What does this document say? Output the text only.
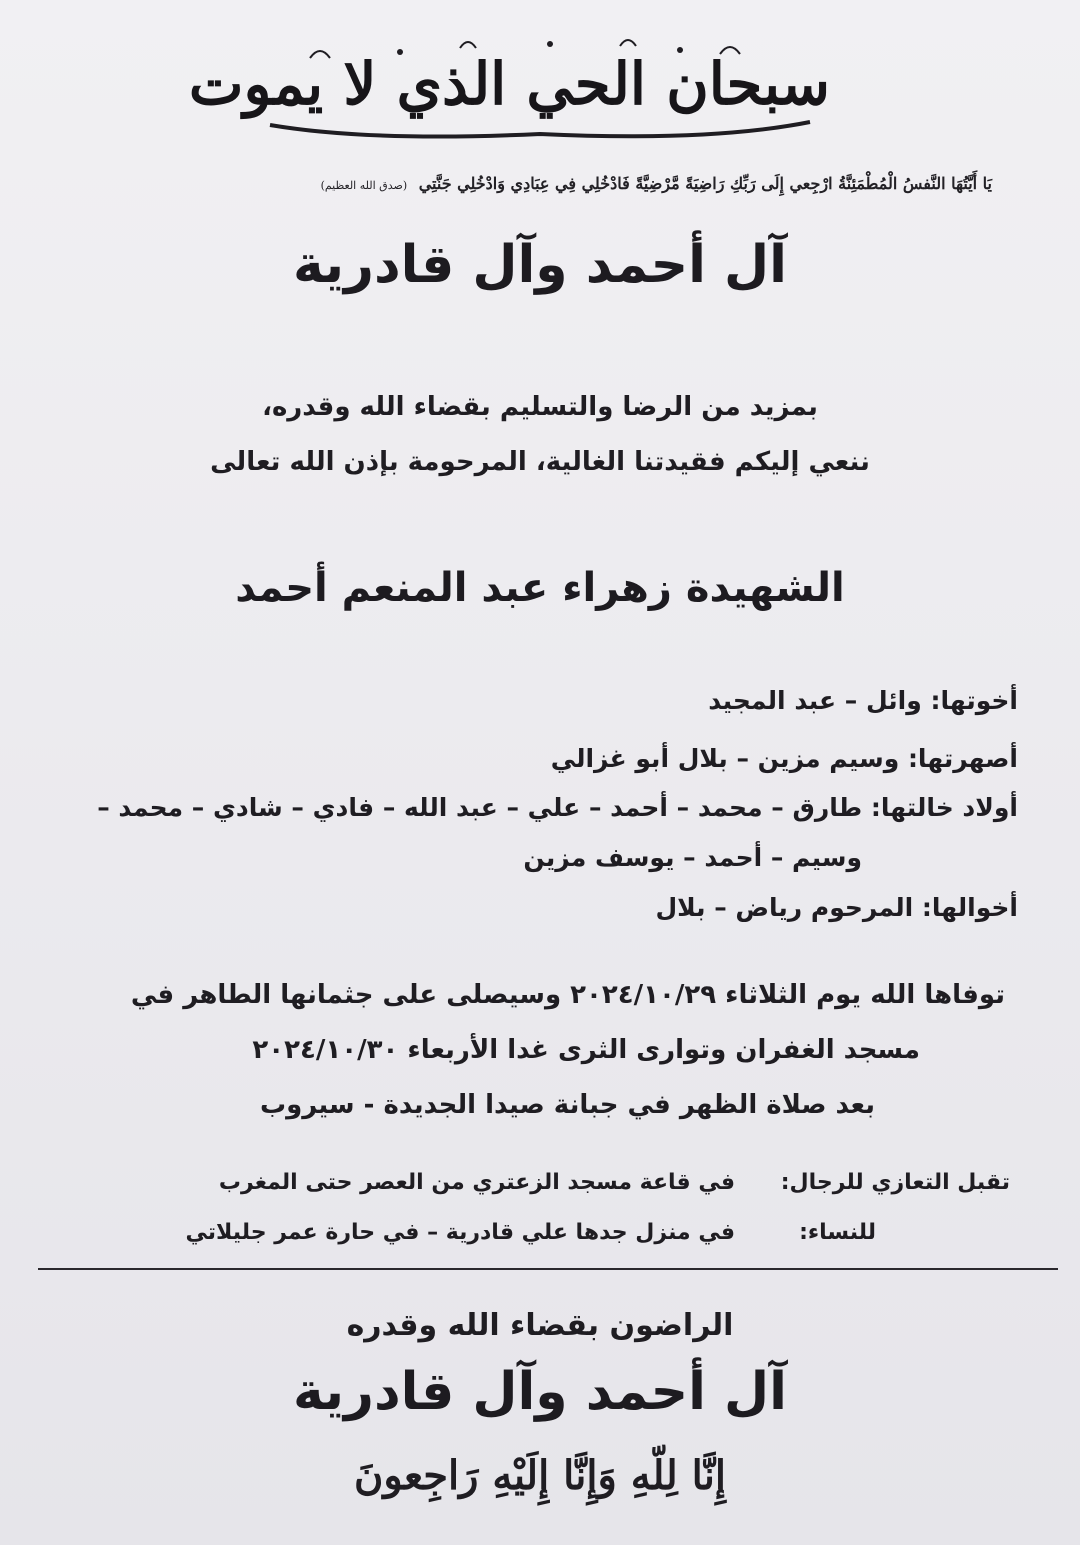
سبحان الحي الذي لا يموت
يَا أَيَّتُهَا النَّفسُ الْمُطْمَئِنَّةُ ارْجِعي إِلَى رَبِّكِ رَاضِيَةً مَّرْضِيَّةً فَادْخُلِي فِي عِبَادِي وَادْخُلِي جَنَّتِي (صدق الله العظيم)
آل أحمد وآل قادرية
بمزيد من الرضا والتسليم بقضاء الله وقدره،
ننعي إليكم فقيدتنا الغالية، المرحومة بإذن الله تعالى
الشهيدة زهراء عبد المنعم أحمد
أخوتها: وائل – عبد المجيد
أصهرتها: وسيم مزين – بلال أبو غزالي
أولاد خالتها: طارق – محمد – أحمد – علي – عبد الله – فادي – شادي – محمد –
وسيم – أحمد – يوسف مزين
أخوالها: المرحوم رياض – بلال
توفاها الله يوم الثلاثاء ٢٠٢٤/١٠/٢٩ وسيصلى على جثمانها الطاهر في
مسجد الغفران وتوارى الثرى غدا الأربعاء ٢٠٢٤/١٠/٣٠
بعد صلاة الظهر في جبانة صيدا الجديدة - سيروب
تقبل التعازي للرجال:
في قاعة مسجد الزعتري من العصر حتى المغرب
للنساء:
في منزل جدها علي قادرية – في حارة عمر جليلاتي
الراضون بقضاء الله وقدره
آل أحمد وآل قادرية
إِنَّا لِلّهِ وَإِنَّا إِلَيْهِ رَاجِعونَ
